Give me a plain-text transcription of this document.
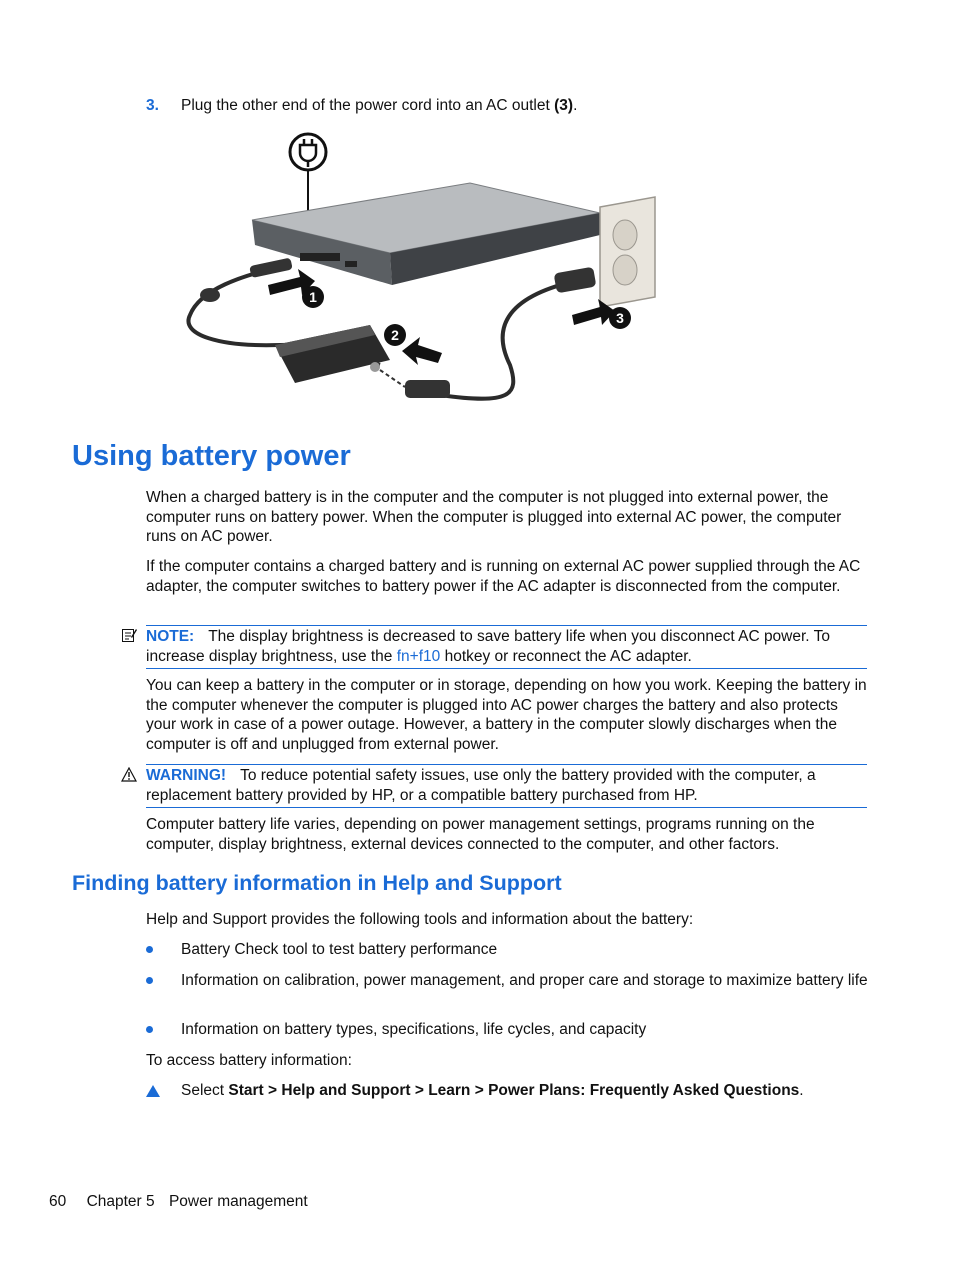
3. Plug the other end of the power cord into an AC outlet (3).
1
2
3
Using battery power
When a charged battery is in the computer and the computer is not plugged into external power, the computer runs on battery power. When the computer is plugged into external AC power, the computer runs on AC power.
If the computer contains a charged battery and is running on external AC power supplied through the AC adapter, the computer switches to battery power if the AC adapter is disconnected from the computer.
NOTE: The display brightness is decreased to save battery life when you disconnect AC power. To increase display brightness, use the fn+f10 hotkey or reconnect the AC adapter.
You can keep a battery in the computer or in storage, depending on how you work. Keeping the battery in the computer whenever the computer is plugged into AC power charges the battery and also protects your work in case of a power outage. However, a battery in the computer slowly discharges when the computer is off and unplugged from external power.
WARNING! To reduce potential safety issues, use only the battery provided with the computer, a replacement battery provided by HP, or a compatible battery purchased from HP.
Computer battery life varies, depending on power management settings, programs running on the computer, display brightness, external devices connected to the computer, and other factors.
Finding battery information in Help and Support
Help and Support provides the following tools and information about the battery:
Battery Check tool to test battery performance
Information on calibration, power management, and proper care and storage to maximize battery life
Information on battery types, specifications, life cycles, and capacity
To access battery information:
Select Start > Help and Support > Learn > Power Plans: Frequently Asked Questions.
60 Chapter 5 Power management
